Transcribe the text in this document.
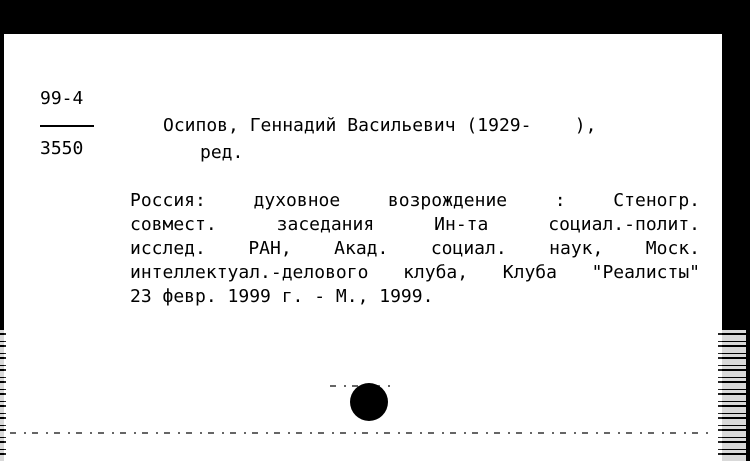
99-4
3550
Осипов, Геннадий Васильевич (1929-    ),
ред.
Россия: духовное возрождение : Стеногр.
совмест. заседания Ин-та социал.-полит.
исслед. РАН, Акад. социал. наук, Моск.
интеллектуал.-делового клуба, Клуба "Реалисты"
23 февр. 1999 г. - М., 1999.
